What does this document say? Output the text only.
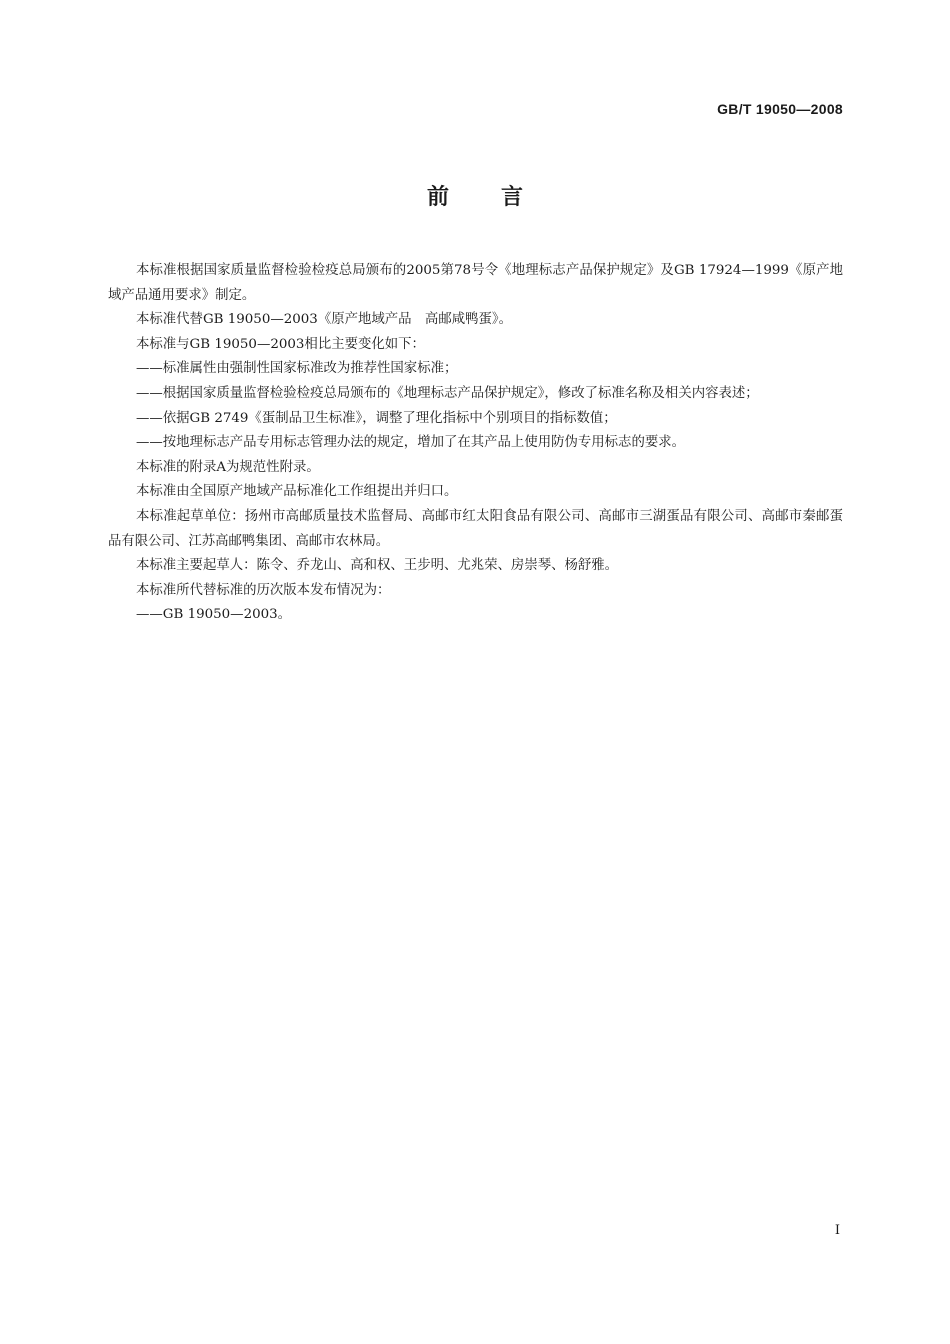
GB/T 19050—2008
前言

本标准根据国家质量监督检验检疫总局颁布的2005第78号令《地理标志产品保护规定》及GB 17924—1999《原产地域产品通用要求》制定。

本标准代替GB 19050—2003《原产地域产品　高邮咸鸭蛋》。

本标准与GB 19050—2003相比主要变化如下：

——标准属性由强制性国家标准改为推荐性国家标准；

——根据国家质量监督检验检疫总局颁布的《地理标志产品保护规定》，修改了标准名称及相关内容表述；

——依据GB 2749《蛋制品卫生标准》，调整了理化指标中个别项目的指标数值；

——按地理标志产品专用标志管理办法的规定，增加了在其产品上使用防伪专用标志的要求。

本标准的附录A为规范性附录。

本标准由全国原产地域产品标准化工作组提出并归口。

本标准起草单位：扬州市高邮质量技术监督局、高邮市红太阳食品有限公司、高邮市三湖蛋品有限公司、高邮市秦邮蛋品有限公司、江苏高邮鸭集团、高邮市农林局。

本标准主要起草人：陈令、乔龙山、高和权、王步明、尤兆荣、房崇琴、杨舒雅。

本标准所代替标准的历次版本发布情况为：

——GB 19050—2003。

I
